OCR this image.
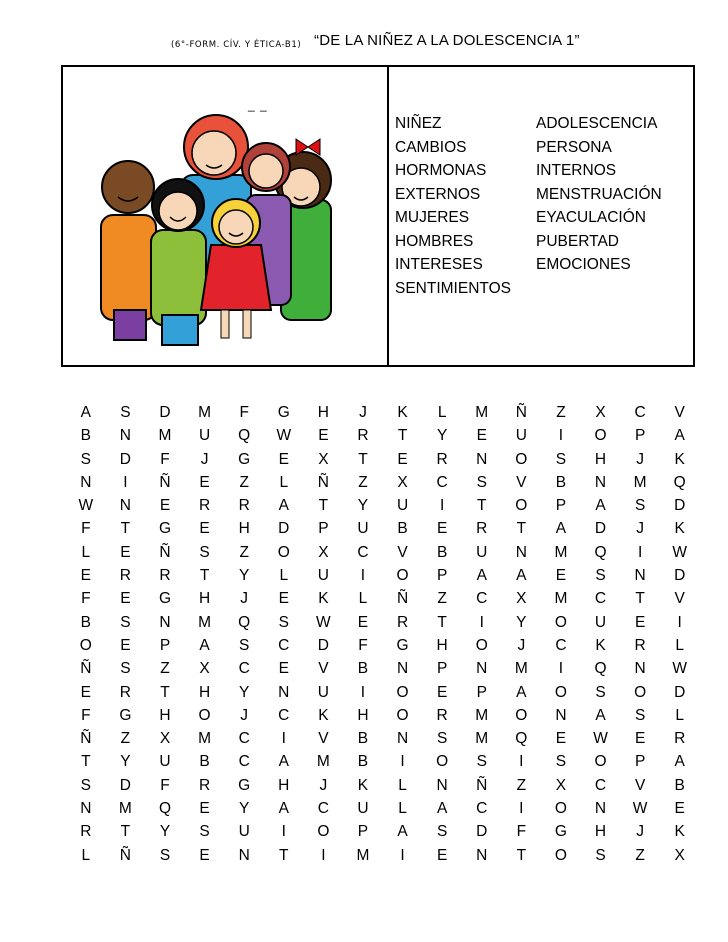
(6°-FORM. CÍV. Y ÉTICA-B1) “DE LA NIÑEZ A LA DOLESCENCIA 1”
_ _
NIÑEZ	ADOLESCENCIA
CAMBIOS	PERSONA
HORMONAS	INTERNOS
EXTERNOS	MENSTRUACIÓN
MUJERES	EYACULACIÓN
HOMBRES	PUBERTAD
INTERESES	EMOCIONES
SENTIMIENTOS
A	S	D	M	F	G	H	J	K	L	M	Ñ	Z	X	C	V
B	N	M	U	Q	W	E	R	T	Y	E	U	I	O	P	A
S	D	F	J	G	E	X	T	E	R	N	O	S	H	J	K
N	I	Ñ	E	Z	L	Ñ	Z	X	C	S	V	B	N	M	Q
W	N	E	R	R	A	T	Y	U	I	T	O	P	A	S	D
F	T	G	E	H	D	P	U	B	E	R	T	A	D	J	K
L	E	Ñ	S	Z	O	X	C	V	B	U	N	M	Q	I	W
E	R	R	T	Y	L	U	I	O	P	A	A	E	S	N	D
F	E	G	H	J	E	K	L	Ñ	Z	C	X	M	C	T	V
B	S	N	M	Q	S	W	E	R	T	I	Y	O	U	E	I
O	E	P	A	S	C	D	F	G	H	O	J	C	K	R	L
Ñ	S	Z	X	C	E	V	B	N	P	N	M	I	Q	N	W
E	R	T	H	Y	N	U	I	O	E	P	A	O	S	O	D
F	G	H	O	J	C	K	H	O	R	M	O	N	A	S	L
Ñ	Z	X	M	C	I	V	B	N	S	M	Q	E	W	E	R
T	Y	U	B	C	A	M	B	I	O	S	I	S	O	P	A
S	D	F	R	G	H	J	K	L	N	Ñ	Z	X	C	V	B
N	M	Q	E	Y	A	C	U	L	A	C	I	O	N	W	E
R	T	Y	S	U	I	O	P	A	S	D	F	G	H	J	K
L	Ñ	S	E	N	T	I	M	I	E	N	T	O	S	Z	X
